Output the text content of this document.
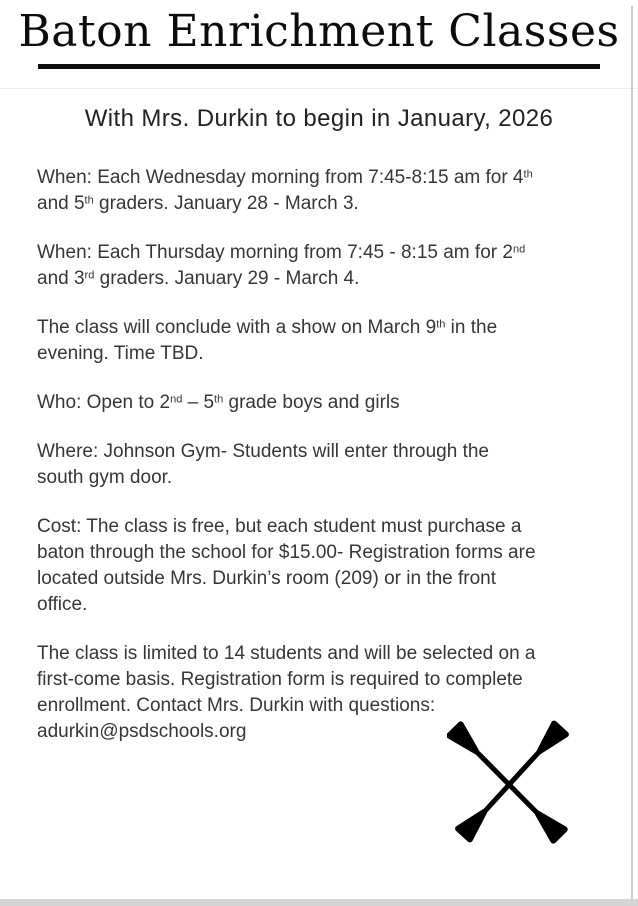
Baton Enrichment Classes
With Mrs. Durkin to begin in January, 2026

When: Each Wednesday morning from 7:45-8:15 am for 4th
and 5th graders. January 28 - March 3.

When: Each Thursday morning from 7:45 - 8:15 am for 2nd
and 3rd graders. January 29 - March 4.

The class will conclude with a show on March 9th in the
evening. Time TBD.

Who: Open to 2nd – 5th grade boys and girls

Where: Johnson Gym- Students will enter through the
south gym door.

Cost: The class is free, but each student must purchase a
baton through the school for $15.00- Registration forms are
located outside Mrs. Durkin’s room (209) or in the front
office.

The class is limited to 14 students and will be selected on a
first-come basis. Registration form is required to complete
enrollment. Contact Mrs. Durkin with questions:
adurkin@psdschools.org
